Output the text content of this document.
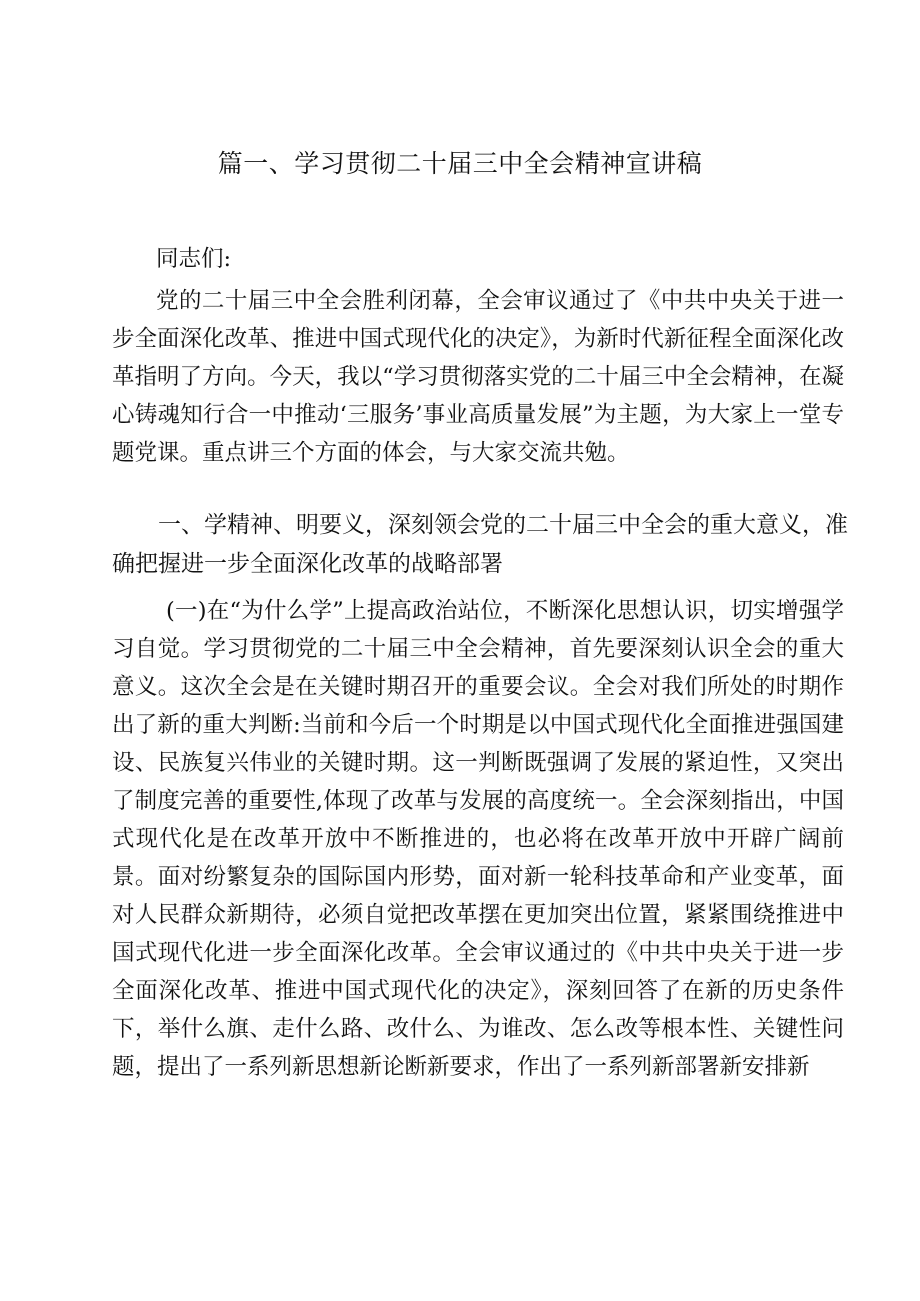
篇一、学习贯彻二十届三中全会精神宣讲稿

同志们:

党的二十届三中全会胜利闭幕，全会审议通过了《中共中央关于进一步全面深化改革、推进中国式现代化的决定》，为新时代新征程全面深化改革指明了方向。今天，我以“学习贯彻落实党的二十届三中全会精神，在凝心铸魂知行合一中推动‘三服务’事业高质量发展”为主题，为大家上一堂专题党课。重点讲三个方面的体会，与大家交流共勉。

一、学精神、明要义，深刻领会党的二十届三中全会的重大意义，准确把握进一步全面深化改革的战略部署

(一)在“为什么学”上提高政治站位，不断深化思想认识，切实增强学习自觉。学习贯彻党的二十届三中全会精神，首先要深刻认识全会的重大意义。这次全会是在关键时期召开的重要会议。全会对我们所处的时期作出了新的重大判断:当前和今后一个时期是以中国式现代化全面推进强国建设、民族复兴伟业的关键时期。这一判断既强调了发展的紧迫性，又突出了制度完善的重要性,体现了改革与发展的高度统一。全会深刻指出，中国式现代化是在改革开放中不断推进的，也必将在改革开放中开辟广阔前景。面对纷繁复杂的国际国内形势，面对新一轮科技革命和产业变革，面对人民群众新期待，必须自觉把改革摆在更加突出位置，紧紧围绕推进中国式现代化进一步全面深化改革。全会审议通过的《中共中央关于进一步全面深化改革、推进中国式现代化的决定》，深刻回答了在新的历史条件下，举什么旗、走什么路、改什么、为谁改、怎么改等根本性、关键性问题，提出了一系列新思想新论断新要求，作出了一系列新部署新安排新
